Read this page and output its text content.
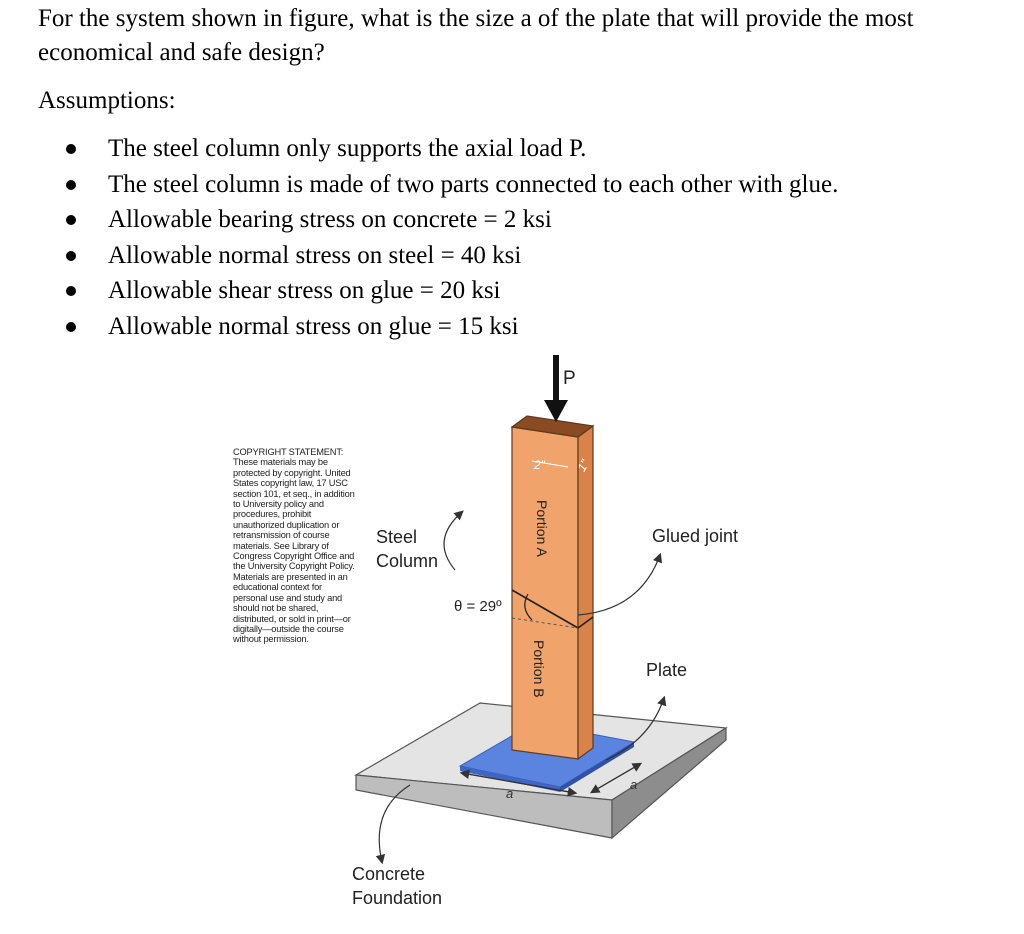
For the system shown in figure, what is the size a of the plate that will provide the most economical and safe design?
Assumptions:
The steel column only supports the axial load P.
The steel column is made of two parts connected to each other with glue.
Allowable bearing stress on concrete = 2 ksi
Allowable normal stress on steel = 40 ksi
Allowable shear stress on glue = 20 ksi
Allowable normal stress on glue = 15 ksi
COPYRIGHT STATEMENT: These materials may be protected by copyright. United States copyright law, 17 USC section 101, et seq., in addition to University policy and procedures, prohibit unauthorized duplication or retransmission of course materials. See Library of Congress Copyright Office and the University Copyright Policy. Materials are presented in an educational context for personal use and study and should not be shared, distributed, or sold in print—or digitally—outside the course without permission.
P
2" 1"
Portion A
Portion B
θ = 29º
a
a
Steel
Column
Glued joint
Plate
Concrete
Foundation
